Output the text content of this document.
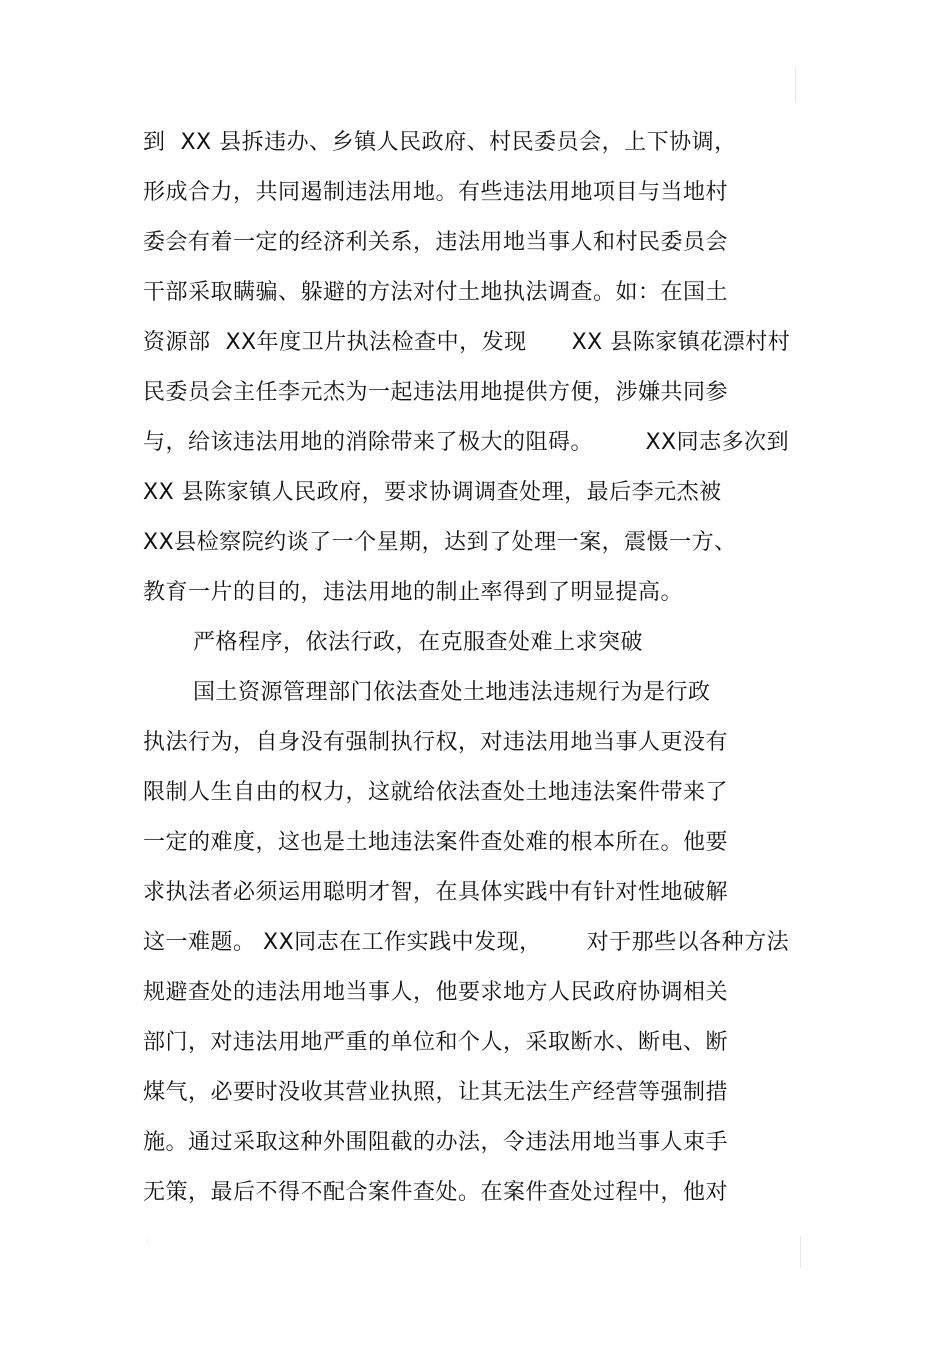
到  XX 县拆违办、乡镇人民政府、村民委员会，上下协调，
形成合力，共同遏制违法用地。有些违法用地项目与当地村
委会有着一定的经济利关系，违法用地当事人和村民委员会
干部采取瞒骗、躲避的方法对付土地执法调查。如：在国土
资源部  XX年度卫片执法检查中，发现      XX 县陈家镇花漂村村
民委员会主任李元杰为一起违法用地提供方便，涉嫌共同参
与，给该违法用地的消除带来了极大的阻碍。       XX同志多次到
XX 县陈家镇人民政府，要求协调调查处理，最后李元杰被
XX县检察院约谈了一个星期，达到了处理一案，震慑一方、
教育一片的目的，违法用地的制止率得到了明显提高。
严格程序，依法行政，在克服查处难上求突破
国土资源管理部门依法查处土地违法违规行为是行政
执法行为，自身没有强制执行权，对违法用地当事人更没有
限制人生自由的权力，这就给依法查处土地违法案件带来了
一定的难度，这也是土地违法案件查处难的根本所在。他要
求执法者必须运用聪明才智，在具体实践中有针对性地破解
这一难题。 XX同志在工作实践中发现，      对于那些以各种方法
规避查处的违法用地当事人，他要求地方人民政府协调相关
部门，对违法用地严重的单位和个人，采取断水、断电、断
煤气，必要时没收其营业执照，让其无法生产经营等强制措
施。通过采取这种外围阻截的办法，令违法用地当事人束手
无策，最后不得不配合案件查处。在案件查处过程中，他对
